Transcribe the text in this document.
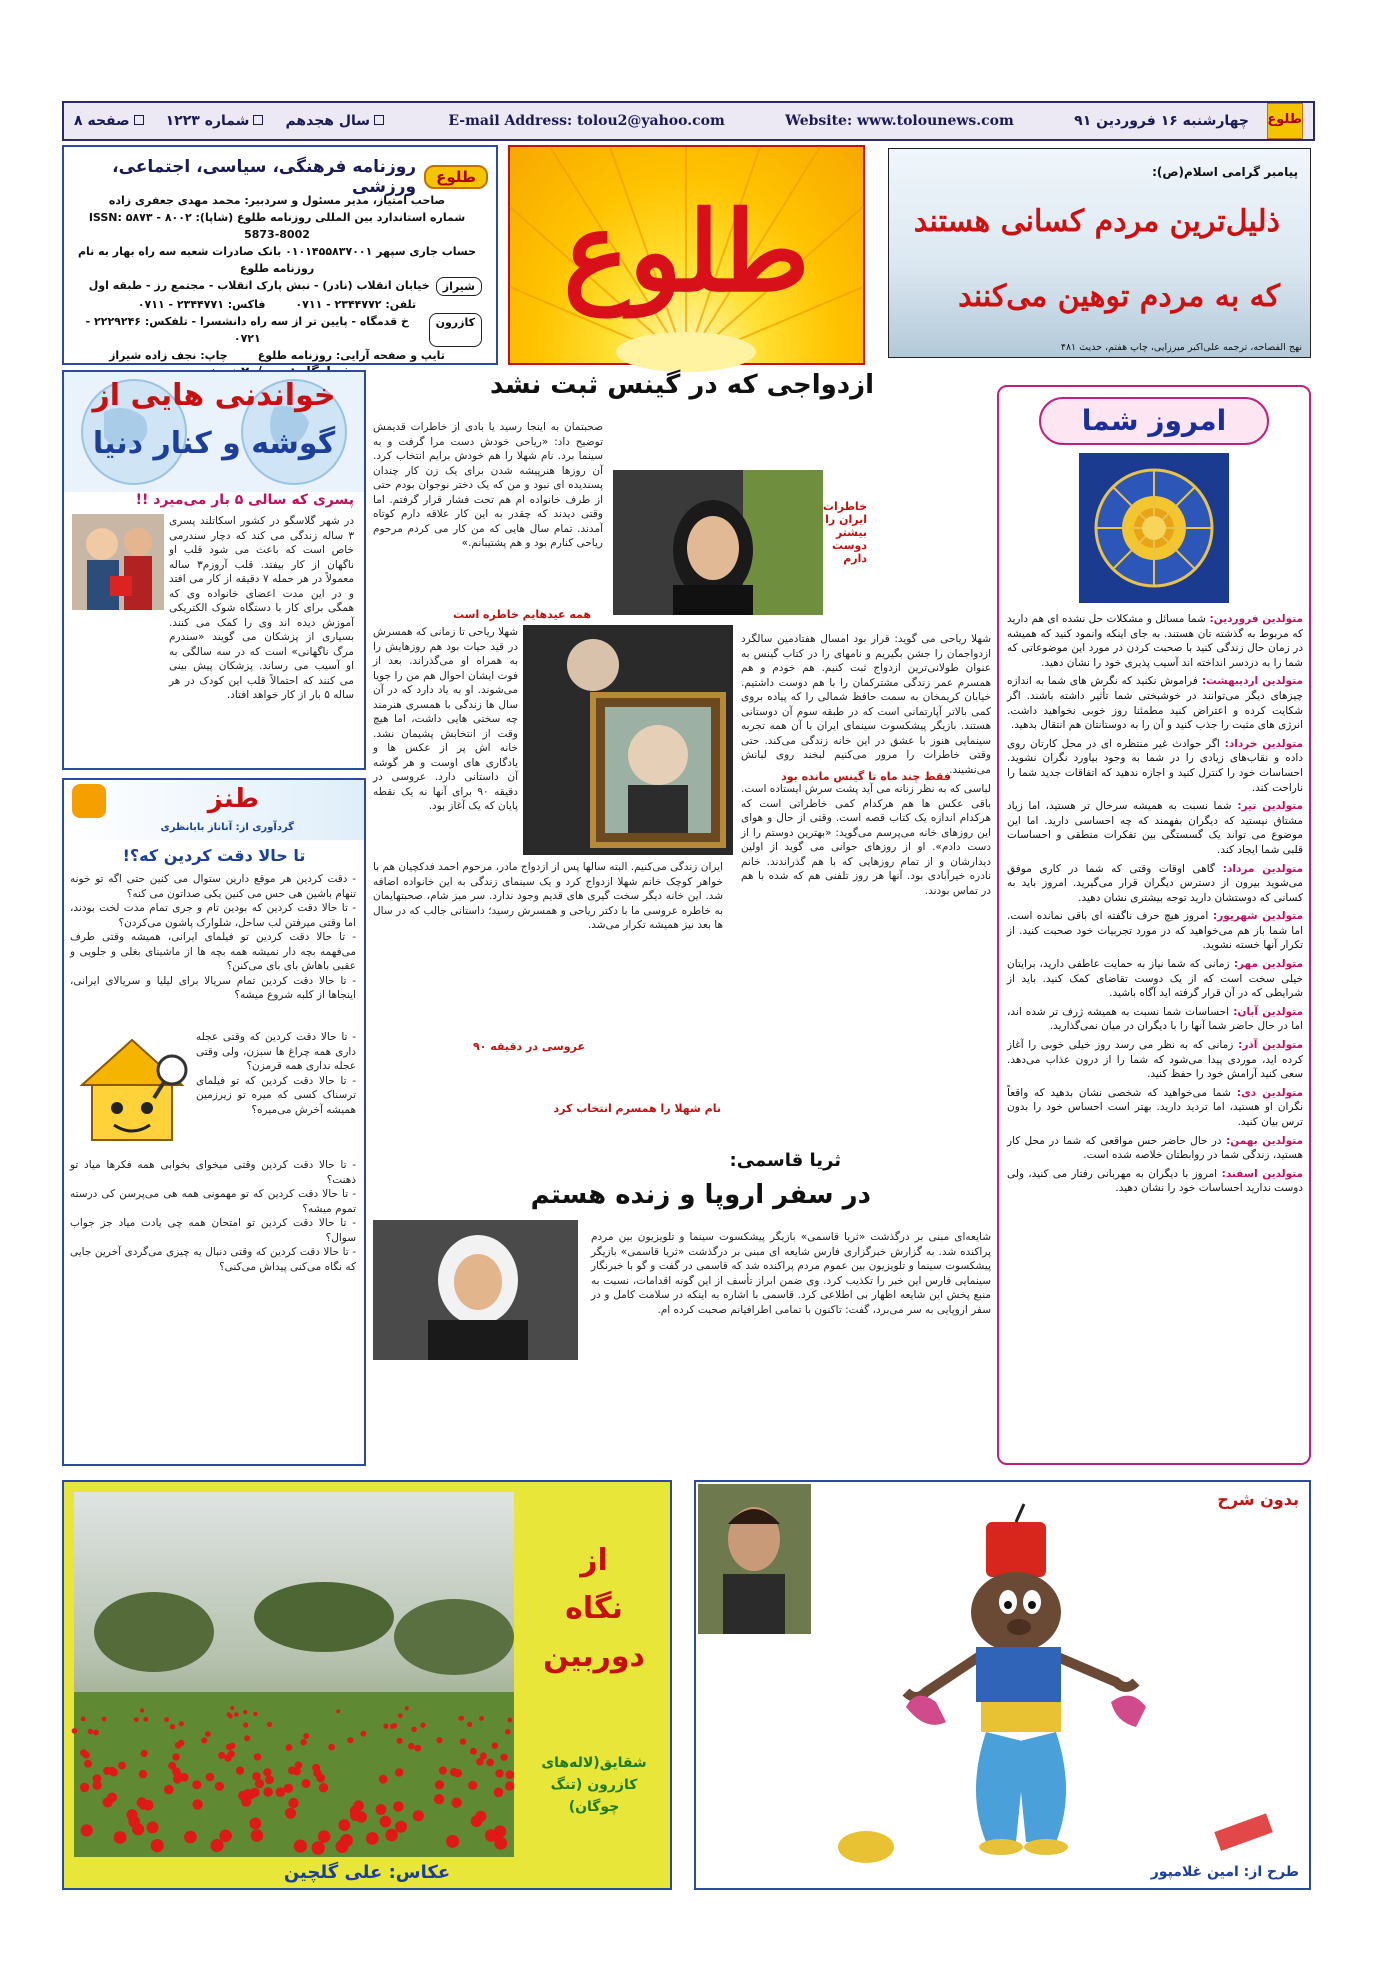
طلوع
چهارشنبه ۱۶ فروردین ۹۱
Website: www.tolounews.com
E-mail Address: tolou2@yahoo.com
سال هجدهم
شماره ۱۲۲۳
صفحه ۸
پیامبر گرامی اسلام(ص):
ذلیل‌ترین مردم کسانی هستند
که به مردم توهین می‌کنند
نهج الفصاحه، ترجمه علی‌اکبر میرزایی، چاپ هفتم، حدیث ۴۸۱
طلوع
طلوع
روزنامه فرهنگی، سیاسی، اجتماعی، ورزشی
صاحب امتیاز، مدیر مسئول و سردبیر: محمد مهدی جعفری زاده
شماره استاندارد بین المللی روزنامه طلوع (شاپا): ۸۰۰۲ - ۵۸۷۳ ISSN: 5873-8002
حساب جاری سپهر ۰۱۰۱۴۵۵۸۳۷۰۰۱ بانک صادرات شعبه سه راه بهار به نام روزنامه طلوع
شیراز
خیابان انقلاب (نادر) - نبش پارک انقلاب - مجتمع رز - طبقه اول
تلفن: ۲۳۴۴۷۷۲ - ۰۷۱۱
فاکس: ۲۳۴۴۷۷۱ - ۰۷۱۱
کازرون
خ قدمگاه - پایین تر از سه راه دانشسرا - تلفکس: ۲۲۲۹۲۴۶ - ۰۷۲۱
تایپ و صفحه آرایی: روزنامه طلوع
چاپ: نجف زاده شیراز
امروز شما
متولدین فروردین: شما مسائل و مشکلات حل نشده ای هم دارید که مربوط به گذشته تان هستند. به جای اینکه وانمود کنید که همیشه در زمان حال زندگی کنید با صحبت کردن در مورد این موضوعاتی که شما را به دردسر انداخته اند آسیب پذیری خود را نشان دهید.
متولدین اردیبهشت: فراموش نکنید که نگرش های شما به اندازه چیزهای دیگر می‌توانند در خوشبختی شما تأثیر داشته باشند. اگر شکایت کرده و اعتراض کنید مطمئنا روز خوبی نخواهید داشت. انرژی های مثبت را جذب کنید و آن را به دوستانتان هم انتقال بدهید.
متولدین خرداد: اگر حوادث غیر منتظره ای در محل کارتان روی داده و نقاب‌های زیادی را در شما به وجود بیاورد نگران نشوید. احساسات خود را کنترل کنید و اجازه ندهید که اتفاقات جدید شما را ناراحت کند.
متولدین تیر: شما نسبت به همیشه سرحال تر هستید، اما زیاد مشتاق نیستید که دیگران بفهمند که چه احساسی دارید. اما این موضوع می تواند یک گسستگی بین تفکرات منطقی و احساسات قلبی شما ایجاد کند.
متولدین مرداد: گاهی اوقات وقتی که شما در کاری موفق می‌شوید بیرون از دسترس دیگران قرار می‌گیرید. امروز باید به کسانی که دوستشان دارید توجه بیشتری نشان دهید.
متولدین شهریور: امروز هیچ حرف ناگفته ای باقی نمانده است. اما شما باز هم می‌خواهید که در مورد تجربیات خود صحبت کنید. از تکرار آنها خسته نشوید.
متولدین مهر: زمانی که شما نیاز به حمایت عاطفی دارید، برایتان خیلی سخت است که از یک دوست تقاضای کمک کنید. باید از شرایطی که در آن قرار گرفته اید آگاه باشید.
متولدین آبان: احساسات شما نسبت به همیشه ژرف تر شده اند، اما در حال حاضر شما آنها را با دیگران در میان نمی‌گذارید.
متولدین آذر: زمانی که به نظر می رسد روز خیلی خوبی را آغاز کرده اید، موردی پیدا می‌شود که شما را از درون عذاب می‌دهد. سعی کنید آرامش خود را حفظ کنید.
متولدین دی: شما می‌خواهید که شخصی نشان بدهید که واقعاً نگران او هستید، اما تردید دارید. بهتر است احساس خود را بدون ترس بیان کنید.
متولدین بهمن: در حال حاضر حس مواقعی که شما در محل کار هستید، زندگی شما در روابطتان خلاصه شده است.
متولدین اسفند: امروز با دیگران به مهربانی رفتار می کنید، ولی دوست ندارید احساسات خود را نشان دهید.
خواندنی هایی از
گوشه و کنار دنیا
پسری که سالی ۵ بار می‌میرد !!
در شهر گلاسگو در کشور اسکاتلند پسری ۳ ساله زندگی می کند که دچار سندرمی خاص است که باعث می شود قلب او ناگهان از کار بیفتد. قلب آروزم۳ ساله معمولاً در هر حمله ۷ دقیقه از کار می افتد و در این مدت اعضای خانواده وی که همگی برای کار با دستگاه شوک الکتریکی آموزش دیده اند وی را کمک می کنند. بسیاری از پزشکان می گویند «سندرم مرگ ناگهانی» است که در سه سالگی به او آسیب می رساند. پزشکان پیش بینی می کنند که احتمالاً قلب این کودک در هر ساله ۵ بار از کار خواهد افتاد.
طنز
گردآوری از: آناناز بابانظری
تا حالا دقت کردین که؟!
- دقت کردین هر موقع دارین ستوال می کنین حتی اگه تو خونه تنهام باشین هی حس می کنین یکی صداتون می کنه؟
- تا حالا دقت کردین که بودین تام و جری تمام مدت لخت بودند، اما وقتی میرفتن لب ساحل، شلوارک پاشون می‌کردن؟
- تا حالا دقت کردین تو فیلمای ایرانی، همیشه وقتی طرف می‌فهمه بچه دار نمیشه همه بچه ها از ماشینای بغلی و جلویی و عقبی باهاش بای بای می‌کنن؟
- تا حالا دقت کردین تمام سریالا برای لیلیا و سریالای ایرانی، اینجاها از کلبه شروع میشه؟
- تا حالا دقت کردین که وقتی عجله داری همه چراغ ها سبزن، ولی وقتی عجله نداری همه قرمزن؟
- تا حالا دقت کردین که تو فیلمای ترسناک کسی که میره تو زیرزمین همیشه آخرش می‌میره؟
- تا حالا دقت کردین وقتی میخوای بخوابی همه فکرها میاد تو ذهنت؟
- تا حالا دقت کردین که تو مهمونی همه هی می‌پرسن کی درسته تموم میشه؟
- تا حالا دقت کردین تو امتحان همه چی یادت میاد جز جواب سوال؟
- تا حالا دقت کردین که وقتی دنبال یه چیزی می‌گردی آخرین جایی که نگاه می‌کنی پیداش می‌کنی؟
ازدواجی که در گینس ثبت نشد
خاطرات ایران را بیشتر دوست دارم
صحبتمان به اینجا رسید یا بادی از خاطرات قدیمش توضیح داد: «ریاحی خودش دست مرا گرفت و به سینما برد. نام شهلا را هم خودش برایم انتخاب کرد. آن روزها هنرپیشه شدن برای یک زن کار چندان پسندیده ای نبود و من که یک دختر نوجوان بودم حتی از طرف خانواده ام هم تحت فشار قرار گرفتم. اما وقتی دیدند که چقدر به این کار علاقه دارم کوتاه آمدند. تمام سال هایی که من کار می کردم مرحوم ریاحی کنارم بود و هم پشتیبانم.»
همه عیدهایم خاطره است
شهلا ریاحی می گوید: قرار بود امسال هفتادمین سالگرد ازدواجمان را جشن بگیریم و نامهای را در کتاب گینس به عنوان طولانی‌ترین ازدواج ثبت کنیم. هم خودم و هم همسرم عمر زندگی مشترکمان را با هم دوست داشتیم. خیابان کریمخان به سمت حافظ شمالی را که پیاده بروی کمی بالاتر آپارتمانی است که در طبقه سوم آن دوستانی هستند. بازیگر پیشکسوت سینمای ایران با آن همه تجربه سینمایی هنوز با عشق در این خانه زندگی می‌کند. حتی وقتی خاطرات را مرور می‌کنیم لبخند روی لبانش می‌نشیند.
لباسی که به نظر زنانه می آید پشت سرش ایستاده است. باقی عکس ها هم هرکدام کمی خاطراتی است که هرکدام اندازه یک کتاب قصه است. وقتی از حال و هوای این روزهای خانه می‌پرسم می‌گوید: «بهترین دوستم را از دست دادم». او از روزهای جوانی می گوید از اولین دیدارشان و از تمام روزهایی که با هم گذراندند. خانم نادره خیرآبادی بود. آنها هر روز تلفنی هم که شده با هم در تماس بودند.
فقط چند ماه تا گینس مانده بود
شهلا ریاحی تا زمانی که همسرش در قید حیات بود هم روزهایش را به همراه او می‌گذراند. بعد از فوت ایشان احوال هم من را جویا می‌شوند. او به یاد دارد که در آن سال ها زندگی با همسری هنرمند چه سختی هایی داشت، اما هیچ وقت از انتخابش پشیمان نشد. خانه اش پر از عکس ها و یادگاری های اوست و هر گوشه آن داستانی دارد. عروسی در دقیقه ۹۰ برای آنها نه یک نقطه پایان که یک آغاز بود.
ایران زندگی می‌کنیم. البته سالها پس از ازدواج مادر، مرحوم احمد فدکچیان هم با خواهر کوچک خانم شهلا ازدواج کرد و یک سینمای زندگی به این خانواده اضافه شد. این خانه دیگر سخت گیری های قدیم وجود ندارد. سر میز شام، صحبتهایمان به خاطره عروسی ما با دکتر ریاحی و همسرش رسید؛ داستانی جالب که در سال ها بعد نیز همیشه تکرار می‌شد.
عروسی در دقیقه ۹۰
نام شهلا را همسرم انتخاب کرد
ثریا قاسمی:
در سفر اروپا و زنده هستم
شایعه‌ای مبنی بر درگذشت «ثریا قاسمی» بازیگر پیشکسوت سینما و تلویزیون بین مردم پراکنده شد. به گزارش خبرگزاری فارس شایعه ای مبنی بر درگذشت «ثریا قاسمی» بازیگر پیشکسوت سینما و تلویزیون بین عموم مردم پراکنده شد که قاسمی در گفت و گو با خبرنگار سینمایی فارس این خبر را تکذیب کرد. وی ضمن ابراز تأسف از این گونه اقدامات، نسبت به منبع پخش این شایعه اظهار بی اطلاعی کرد. قاسمی با اشاره به اینکه در سلامت کامل و در سفر اروپایی به سر می‌برد، گفت: تاکنون با تمامی اطرافیانم صحبت کرده ام.
از
نگاه
دوربین
شقایق(لاله‌های کازرون (تنگ چوگان)
عکاس: علی گلچین
بدون شرح
طرح از: امین غلامپور
